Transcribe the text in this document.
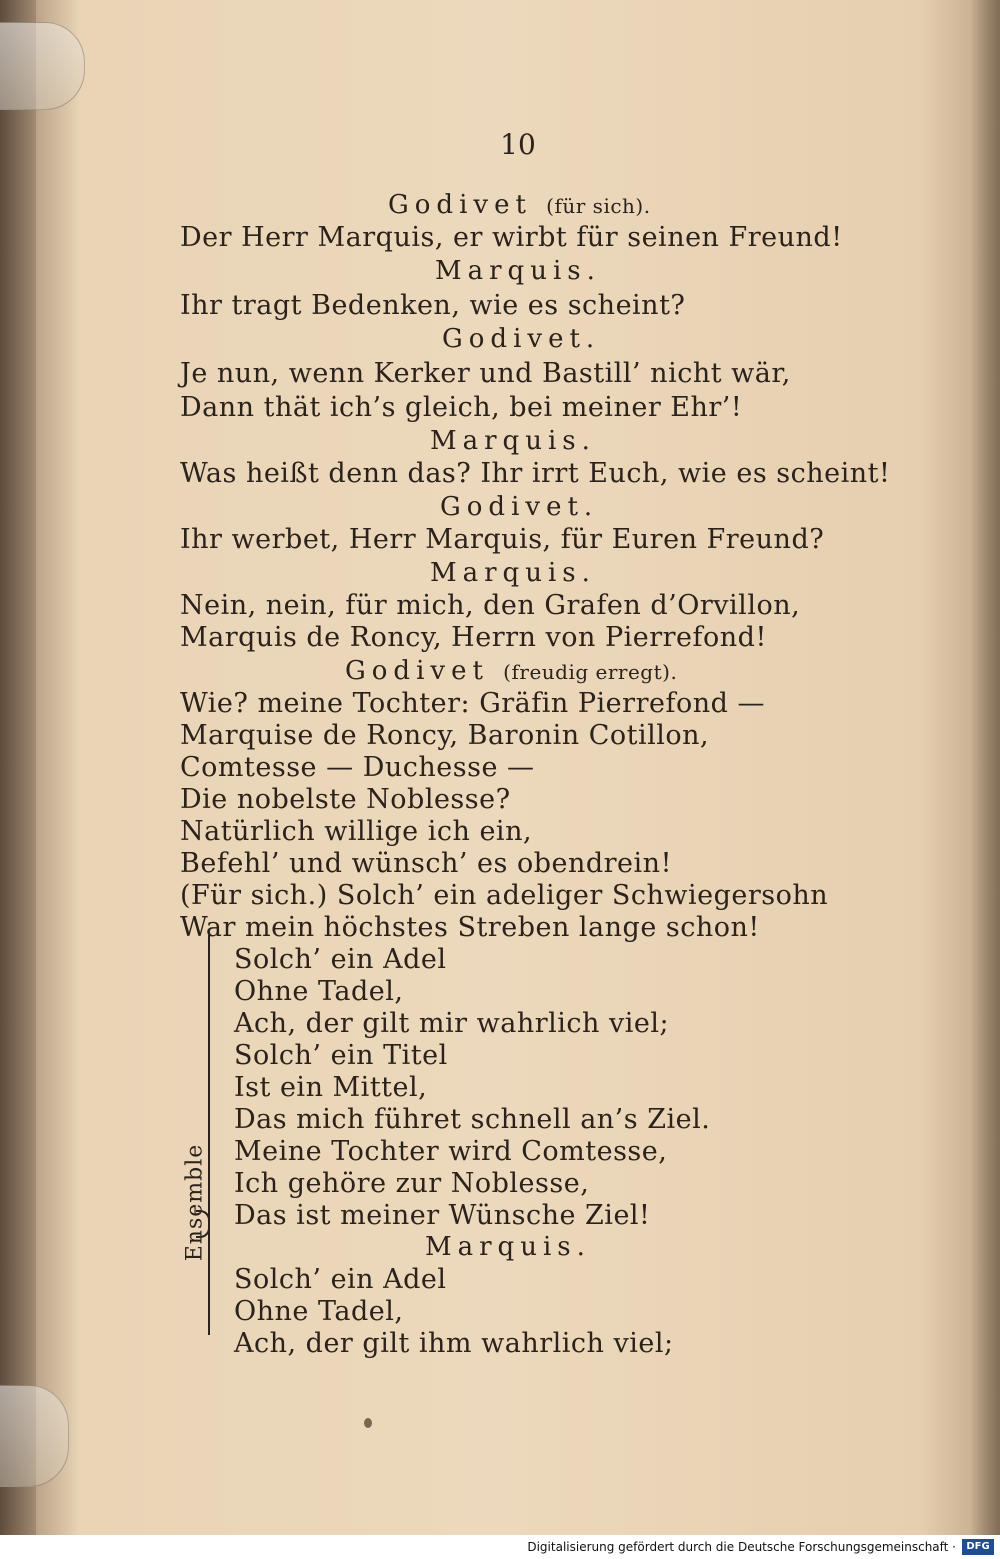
10
Godivet (für sich).
Der Herr Marquis, er wirbt für seinen Freund!
Marquis.
Ihr tragt Bedenken, wie es scheint?
Godivet.
Je nun, wenn Kerker und Bastill’ nicht wär,
Dann thät ich’s gleich, bei meiner Ehr’!
Marquis.
Was heißt denn das? Ihr irrt Euch, wie es scheint!
Godivet.
Ihr werbet, Herr Marquis, für Euren Freund?
Marquis.
Nein, nein, für mich, den Grafen d’Orvillon,
Marquis de Roncy, Herrn von Pierrefond!
Godivet (freudig erregt).
Wie? meine Tochter: Gräfin Pierrefond —
Marquise de Roncy, Baronin Cotillon,
Comtesse — Duchesse —
Die nobelste Noblesse?
Natürlich willige ich ein,
Befehl’ und wünsch’ es obendrein!
(Für sich.) Solch’ ein adeliger Schwiegersohn
War mein höchstes Streben lange schon!
Ensemble
Solch’ ein Adel
Ohne Tadel,
Ach, der gilt mir wahrlich viel;
Solch’ ein Titel
Ist ein Mittel,
Das mich führet schnell an’s Ziel.
Meine Tochter wird Comtesse,
Ich gehöre zur Noblesse,
Das ist meiner Wünsche Ziel!
Marquis.
Solch’ ein Adel
Ohne Tadel,
Ach, der gilt ihm wahrlich viel;
Digitalisierung gefördert durch die Deutsche Forschungsgemeinschaft ·	DFG
